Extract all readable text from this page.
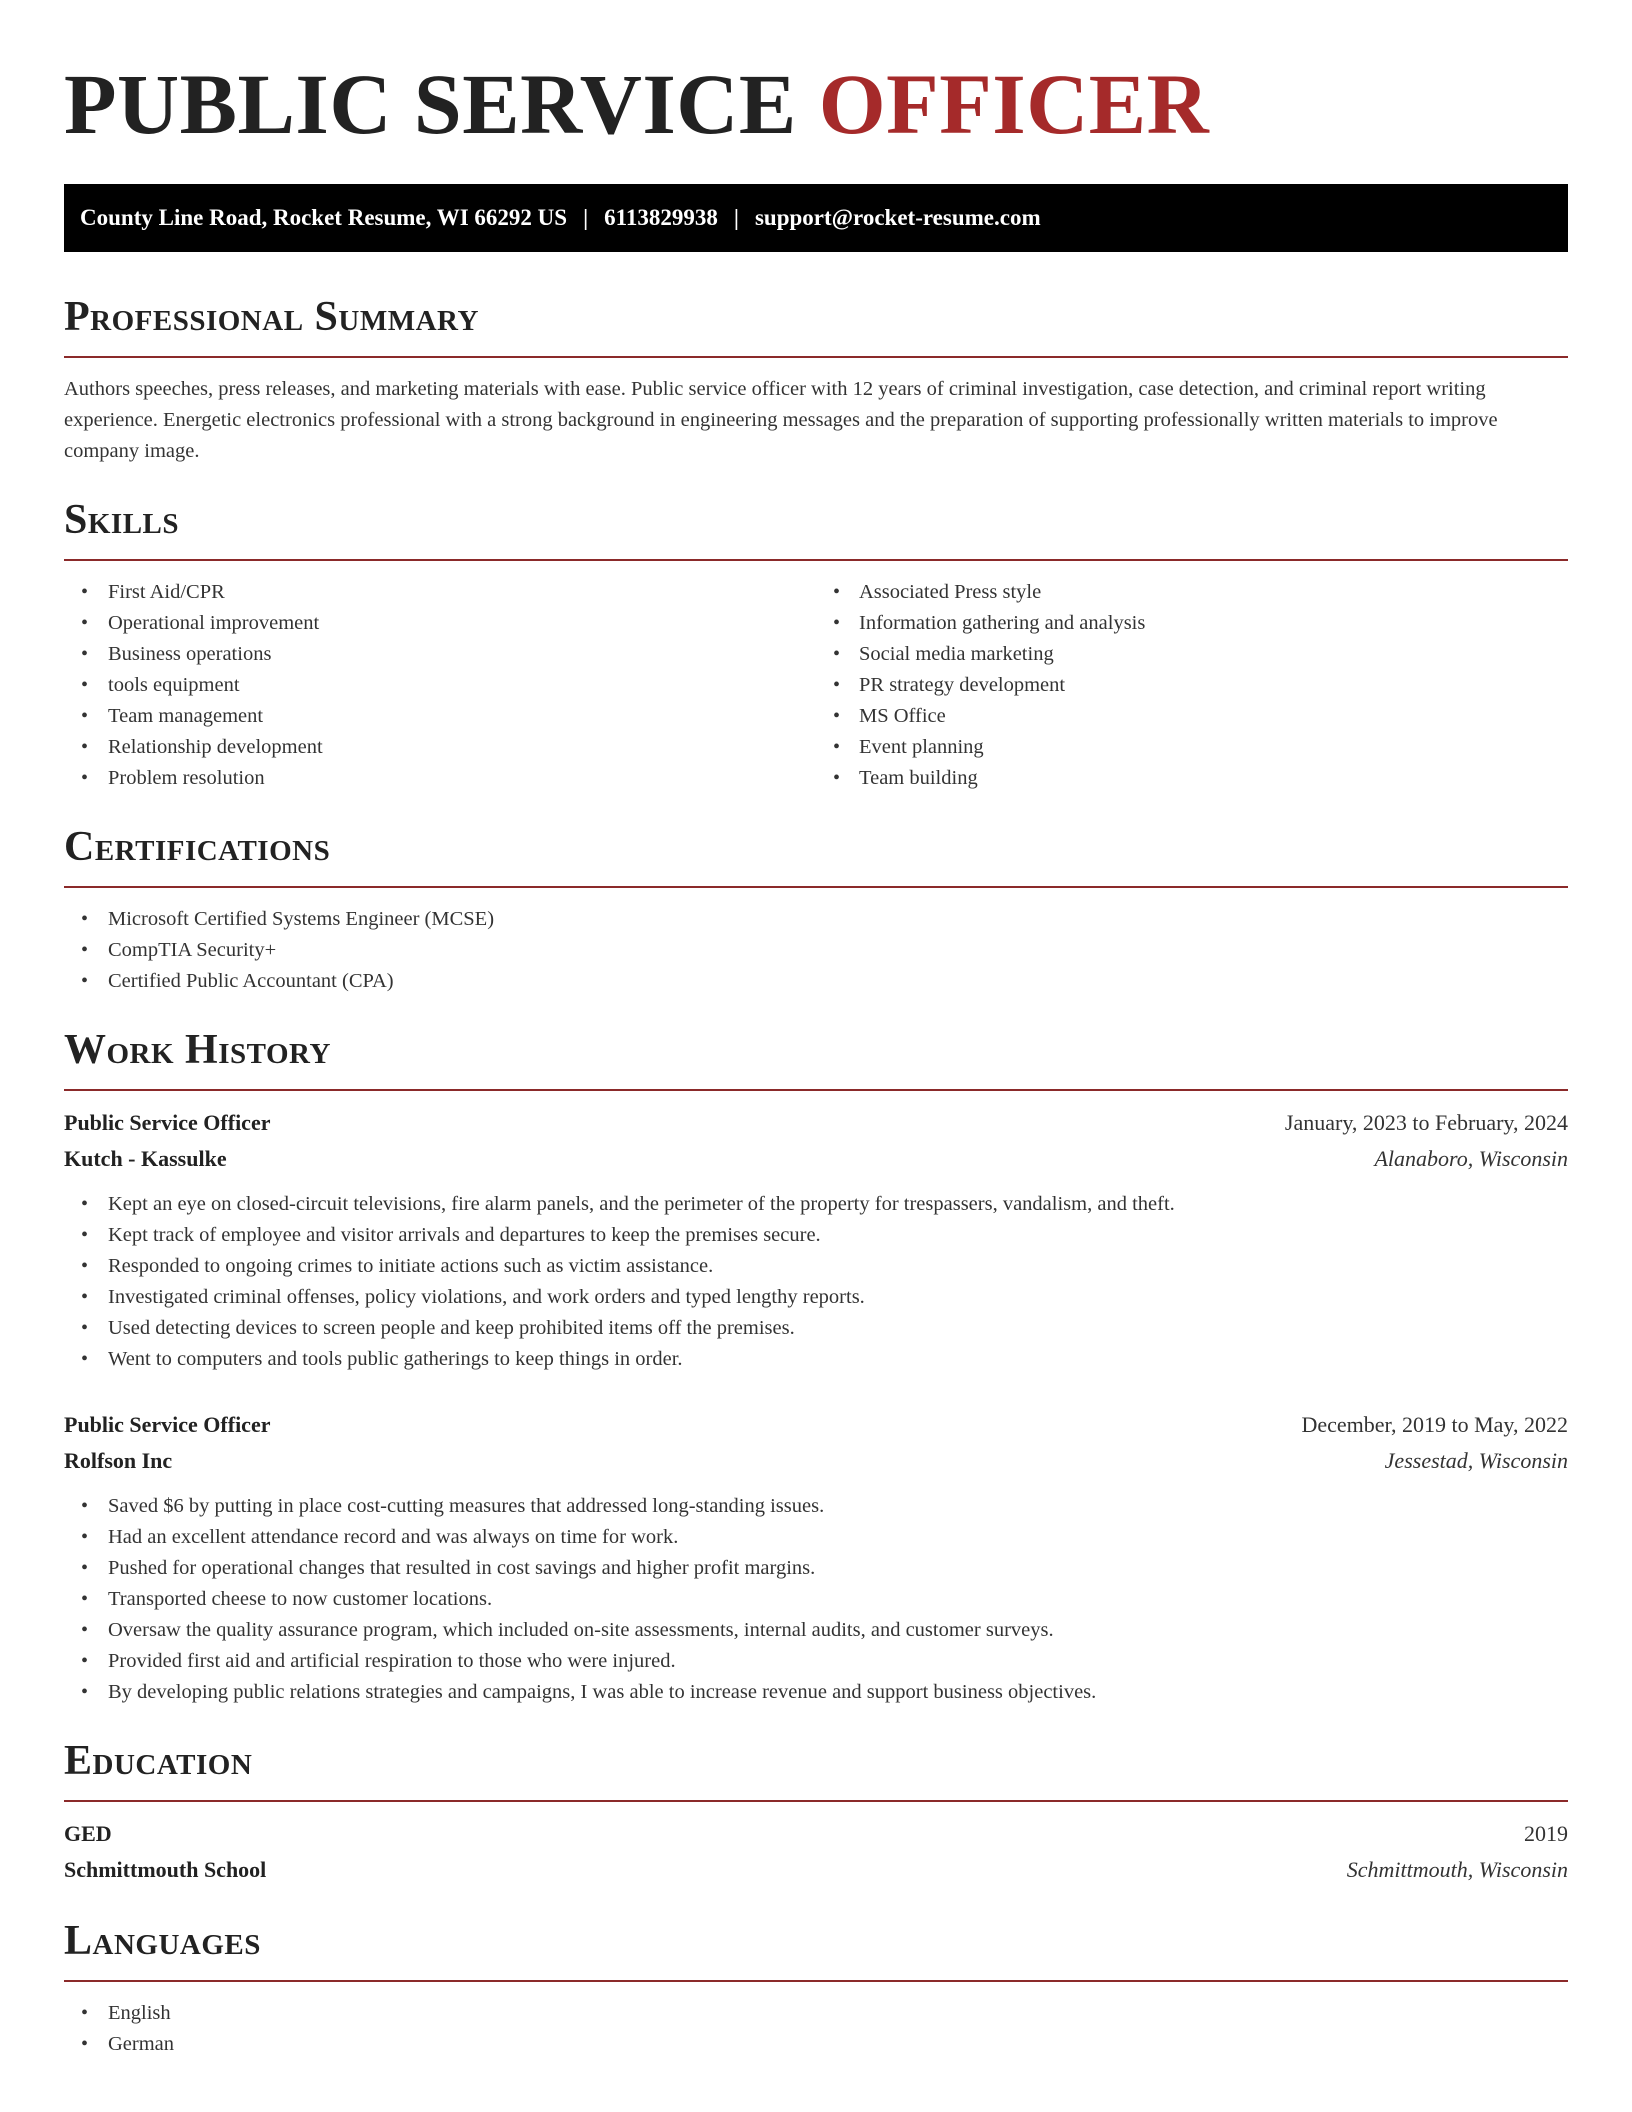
PUBLIC SERVICE OFFICER
County Line Road, Rocket Resume, WI 66292 US | 6113829938 | support@rocket-resume.com
Professional Summary

Authors speeches, press releases, and marketing materials with ease. Public service officer with 12 years of criminal investigation, case detection, and criminal report writing experience. Energetic electronics professional with a strong background in engineering messages and the preparation of supporting professionally written materials to improve company image.

Skills
• First Aid/CPR
• Operational improvement
• Business operations
• tools equipment
• Team management
• Relationship development
• Problem resolution
• Associated Press style
• Information gathering and analysis
• Social media marketing
• PR strategy development
• MS Office
• Event planning
• Team building
Certifications
• Microsoft Certified Systems Engineer (MCSE)
• CompTIA Security+
• Certified Public Accountant (CPA)
Work History
Public Service Officer	January, 2023 to February, 2024
Kutch - Kassulke	Alanaboro, Wisconsin
• Kept an eye on closed-circuit televisions, fire alarm panels, and the perimeter of the property for trespassers, vandalism, and theft.
• Kept track of employee and visitor arrivals and departures to keep the premises secure.
• Responded to ongoing crimes to initiate actions such as victim assistance.
• Investigated criminal offenses, policy violations, and work orders and typed lengthy reports.
• Used detecting devices to screen people and keep prohibited items off the premises.
• Went to computers and tools public gatherings to keep things in order.
Public Service Officer	December, 2019 to May, 2022
Rolfson Inc	Jessestad, Wisconsin
• Saved $6 by putting in place cost-cutting measures that addressed long-standing issues.
• Had an excellent attendance record and was always on time for work.
• Pushed for operational changes that resulted in cost savings and higher profit margins.
• Transported cheese to now customer locations.
• Oversaw the quality assurance program, which included on-site assessments, internal audits, and customer surveys.
• Provided first aid and artificial respiration to those who were injured.
• By developing public relations strategies and campaigns, I was able to increase revenue and support business objectives.
Education
GED	2019
Schmittmouth School	Schmittmouth, Wisconsin
Languages
• English
• German
